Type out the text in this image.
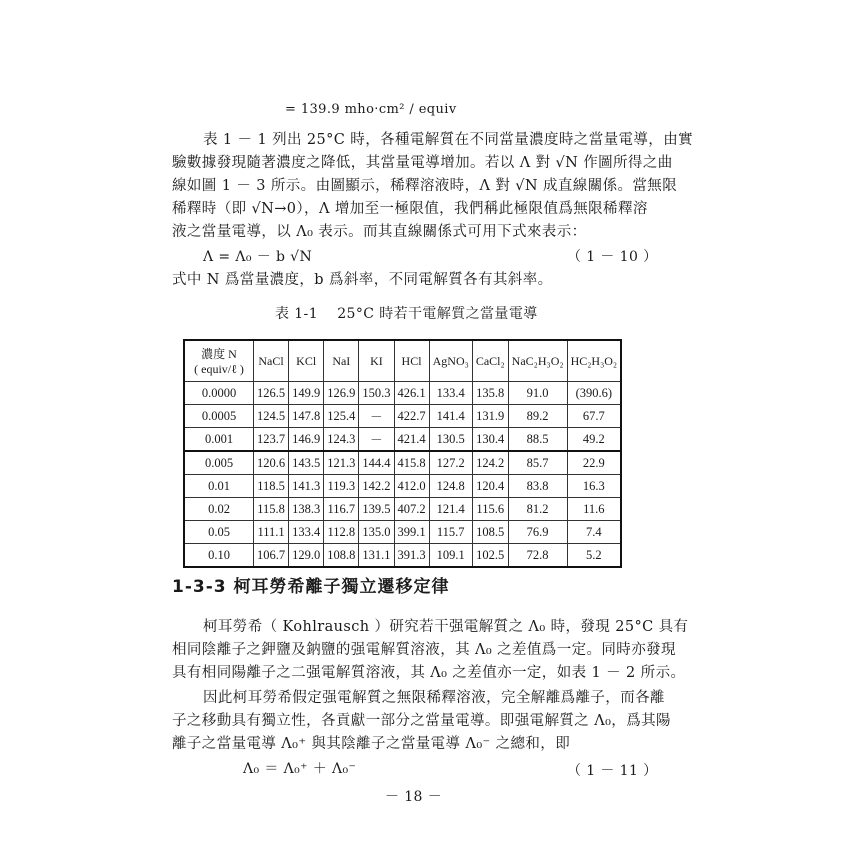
= 139.9 mho‧cm² / equiv
表 1 － 1 列出 25°C 時，各種電解質在不同當量濃度時之當量電導，由實
驗數據發現隨著濃度之降低，其當量電導增加。若以 Λ 對 √N 作圖所得之曲
線如圖 1 － 3 所示。由圖顯示，稀釋溶液時，Λ 對 √N 成直線關係。當無限
稀釋時（即 √N→0），Λ 增加至一極限值，我們稱此極限值爲無限稀釋溶
液之當量電導，以 Λ₀ 表示。而其直線關係式可用下式來表示：
Λ = Λ₀ － b √N	（ 1 － 10 ）
式中 N 爲當量濃度，b 爲斜率，不同電解質各有其斜率。
表 1-1　 25°C 時若干電解質之當量電導
濃度 N
( equiv/ℓ )	NaCl	KCl	NaI	KI	HCl	AgNO₃	CaCl₂	NaC₂H₃O₂	HC₂H₃O₂
0.0000	126.5	149.9	126.9	150.3	426.1	133.4	135.8	91.0	(390.6)
0.0005	124.5	147.8	125.4	－	422.7	141.4	131.9	89.2	67.7
0.001	123.7	146.9	124.3	－	421.4	130.5	130.4	88.5	49.2
0.005	120.6	143.5	121.3	144.4	415.8	127.2	124.2	85.7	22.9
0.01	118.5	141.3	119.3	142.2	412.0	124.8	120.4	83.8	16.3
0.02	115.8	138.3	116.7	139.5	407.2	121.4	115.6	81.2	11.6
0.05	111.1	133.4	112.8	135.0	399.1	115.7	108.5	76.9	7.4
0.10	106.7	129.0	108.8	131.1	391.3	109.1	102.5	72.8	5.2
1-3-3 柯耳勞希離子獨立遷移定律
柯耳勞希（ Kohlrausch ）研究若干强電解質之 Λ₀ 時，發現 25°C 具有
相同陰離子之鉀鹽及鈉鹽的强電解質溶液，其 Λ₀ 之差值爲一定。同時亦發現
具有相同陽離子之二强電解質溶液，其 Λ₀ 之差值亦一定，如表 1 － 2 所示。
因此柯耳勞希假定强電解質之無限稀釋溶液，完全解離爲離子，而各離
子之移動具有獨立性，各貢獻一部分之當量電導。即强電解質之 Λ₀，爲其陽
離子之當量電導 Λ₀⁺ 與其陰離子之當量電導 Λ₀⁻ 之總和，即
Λ₀ ＝ Λ₀⁺ ＋ Λ₀⁻	（ 1 － 11 ）
－ 18 －
